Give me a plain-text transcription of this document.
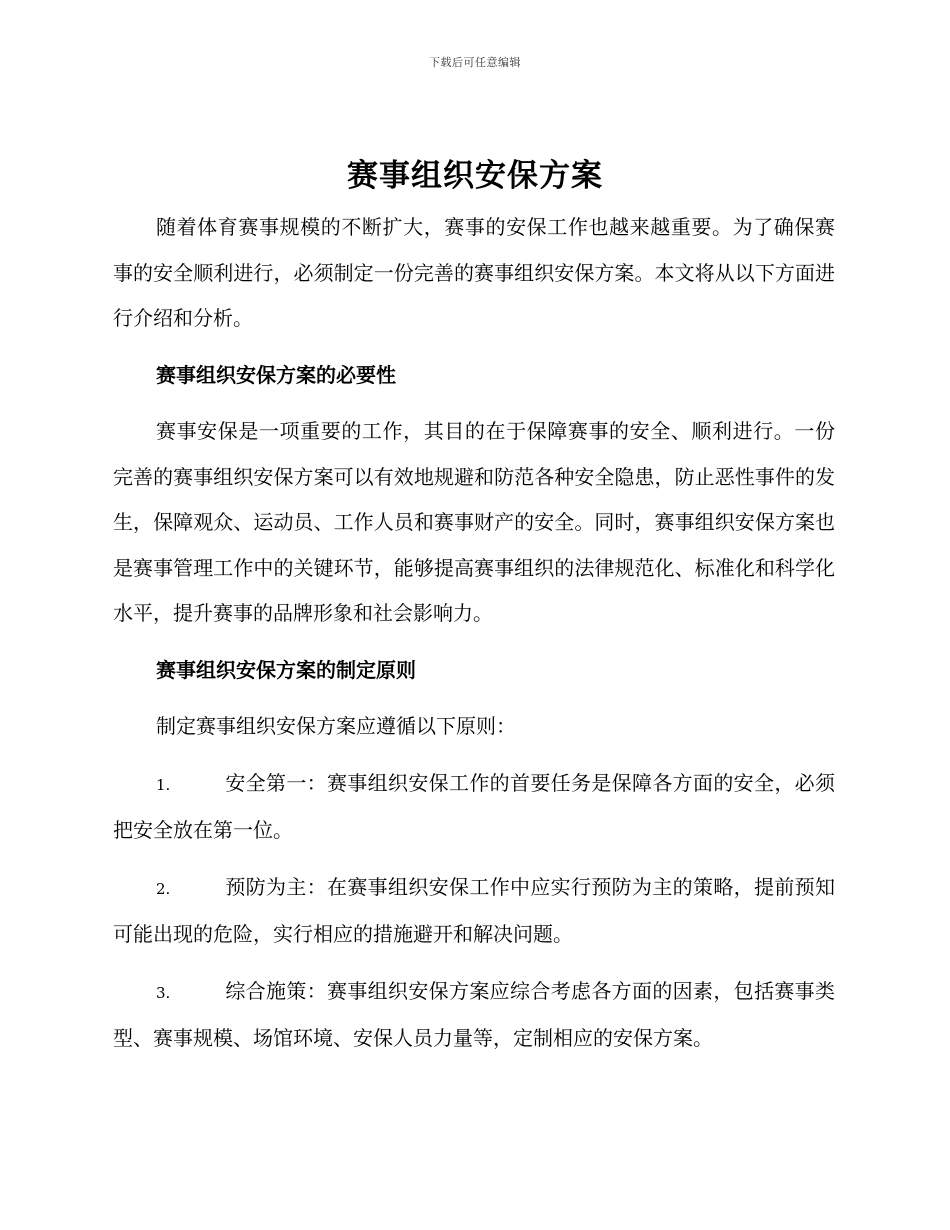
下载后可任意编辑
赛事组织安保方案

随着体育赛事规模的不断扩大，赛事的安保工作也越来越重要。为了确保赛事的安全顺利进行，必须制定一份完善的赛事组织安保方案。本文将从以下方面进行介绍和分析。

赛事组织安保方案的必要性

赛事安保是一项重要的工作，其目的在于保障赛事的安全、顺利进行。一份完善的赛事组织安保方案可以有效地规避和防范各种安全隐患，防止恶性事件的发生，保障观众、运动员、工作人员和赛事财产的安全。同时，赛事组织安保方案也是赛事管理工作中的关键环节，能够提高赛事组织的法律规范化、标准化和科学化水平，提升赛事的品牌形象和社会影响力。

赛事组织安保方案的制定原则

制定赛事组织安保方案应遵循以下原则：

1.	安全第一：赛事组织安保工作的首要任务是保障各方面的安全，必须把安全放在第一位。

2.	预防为主：在赛事组织安保工作中应实行预防为主的策略，提前预知可能出现的危险，实行相应的措施避开和解决问题。

3.	综合施策：赛事组织安保方案应综合考虑各方面的因素，包括赛事类型、赛事规模、场馆环境、安保人员力量等，定制相应的安保方案。
